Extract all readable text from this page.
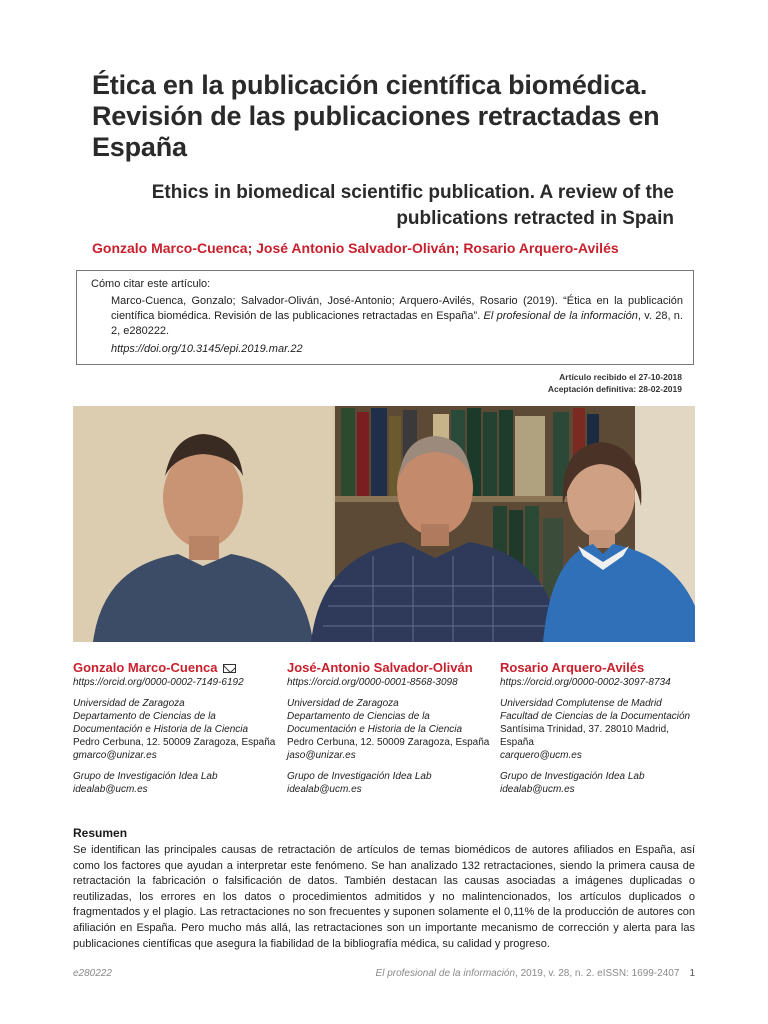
Ética en la publicación científica biomédica. Revisión de las publicaciones retractadas en España
Ethics in biomedical scientific publication. A review of the publications retracted in Spain
Gonzalo Marco-Cuenca; José Antonio Salvador-Oliván; Rosario Arquero-Avilés
Cómo citar este artículo:
Marco-Cuenca, Gonzalo; Salvador-Oliván, José-Antonio; Arquero-Avilés, Rosario (2019). “Ética en la publicación científica biomédica. Revisión de las publicaciones retractadas en España”. El profesional de la información, v. 28, n. 2, e280222.
https://doi.org/10.3145/epi.2019.mar.22
Artículo recibido el 27-10-2018
Aceptación definitiva: 28-02-2019
Gonzalo Marco-Cuenca
https://orcid.org/0000-0002-7149-6192
Universidad de Zaragoza
Departamento de Ciencias de la Documentación e Historia de la Ciencia
Pedro Cerbuna, 12. 50009 Zaragoza, España
gmarco@unizar.es
Grupo de Investigación Idea Lab
idealab@ucm.es
José-Antonio Salvador-Oliván
https://orcid.org/0000-0001-8568-3098
Universidad de Zaragoza
Departamento de Ciencias de la Documentación e Historia de la Ciencia
Pedro Cerbuna, 12. 50009 Zaragoza, España
jaso@unizar.es
Grupo de Investigación Idea Lab
idealab@ucm.es
Rosario Arquero-Avilés
https://orcid.org/0000-0002-3097-8734
Universidad Complutense de Madrid
Facultad de Ciencias de la Documentación
Santísima Trinidad, 37. 28010 Madrid, España
carquero@ucm.es
Grupo de Investigación Idea Lab
idealab@ucm.es
Resumen

Se identifican las principales causas de retractación de artículos de temas biomédicos de autores afiliados en España, así como los factores que ayudan a interpretar este fenómeno. Se han analizado 132 retractaciones, siendo la primera causa de retractación la fabricación o falsificación de datos. También destacan las causas asociadas a imágenes duplicadas o reutilizadas, los errores en los datos o procedimientos admitidos y no malintencionados, los artículos duplicados o fragmentados y el plagio. Las retractaciones no son frecuentes y suponen solamente el 0,11% de la producción de autores con afiliación en España. Pero mucho más allá, las retractaciones son un importante mecanismo de corrección y alerta para las publicaciones científicas que asegura la fiabilidad de la bibliografía médica, su calidad y progreso.

e280222	El profesional de la información, 2019, v. 28, n. 2. eISSN: 1699-2407 1
